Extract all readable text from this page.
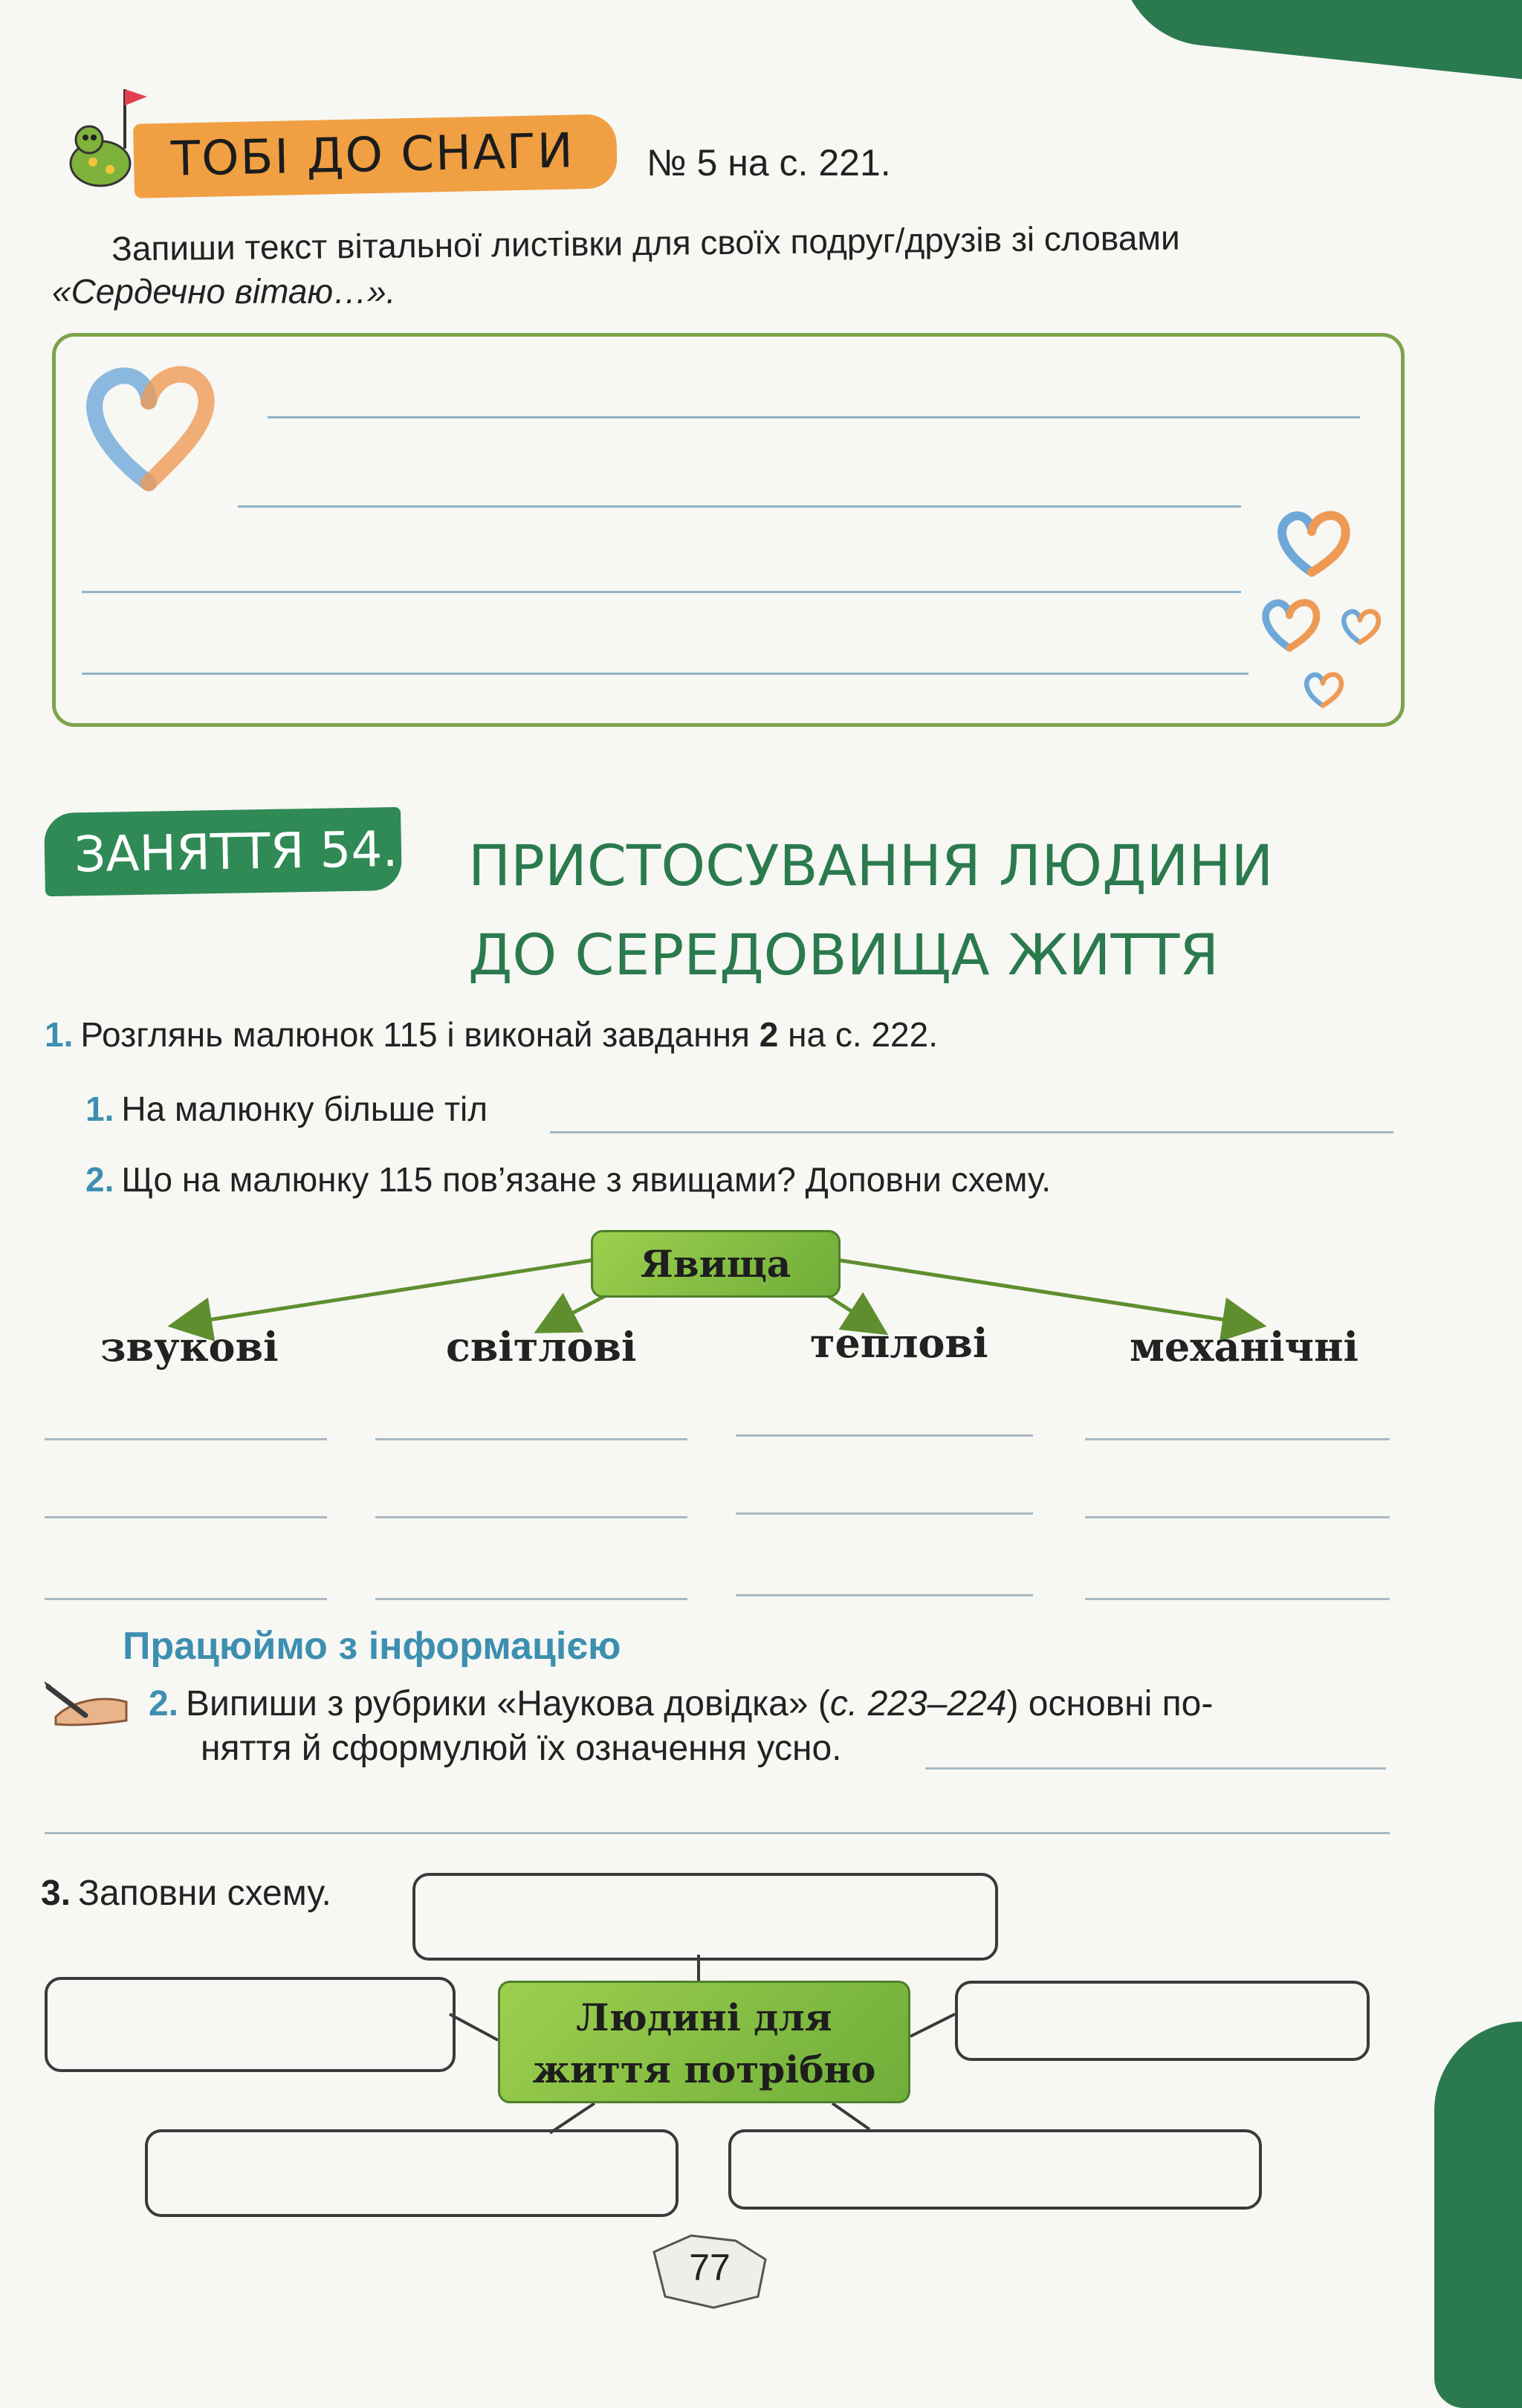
ТОБІ ДО СНАГИ № 5 на с. 221.
Запиши текст вітальної листівки для своїх подруг/друзів зі словами
«Сердечно вітаю…».
ЗАНЯТТЯ 54. ПРИСТОСУВАННЯ ЛЮДИНИ
ДО СЕРЕДОВИЩА ЖИТТЯ
1. Розглянь малюнок 115 і виконай завдання 2 на с. 222.
1. На малюнку більше тіл
2. Що на малюнку 115 пов’язане з явищами? Доповни схему.
Явища
звукові	світлові	теплові	механічні
Працюймо з інформацією
2. Випиши з рубрики «Наукова довідка» (с. 223–224) основні по-
няття й сформулюй їх означення усно.
3. Заповни схему.
Людині для
життя потрібно
77
